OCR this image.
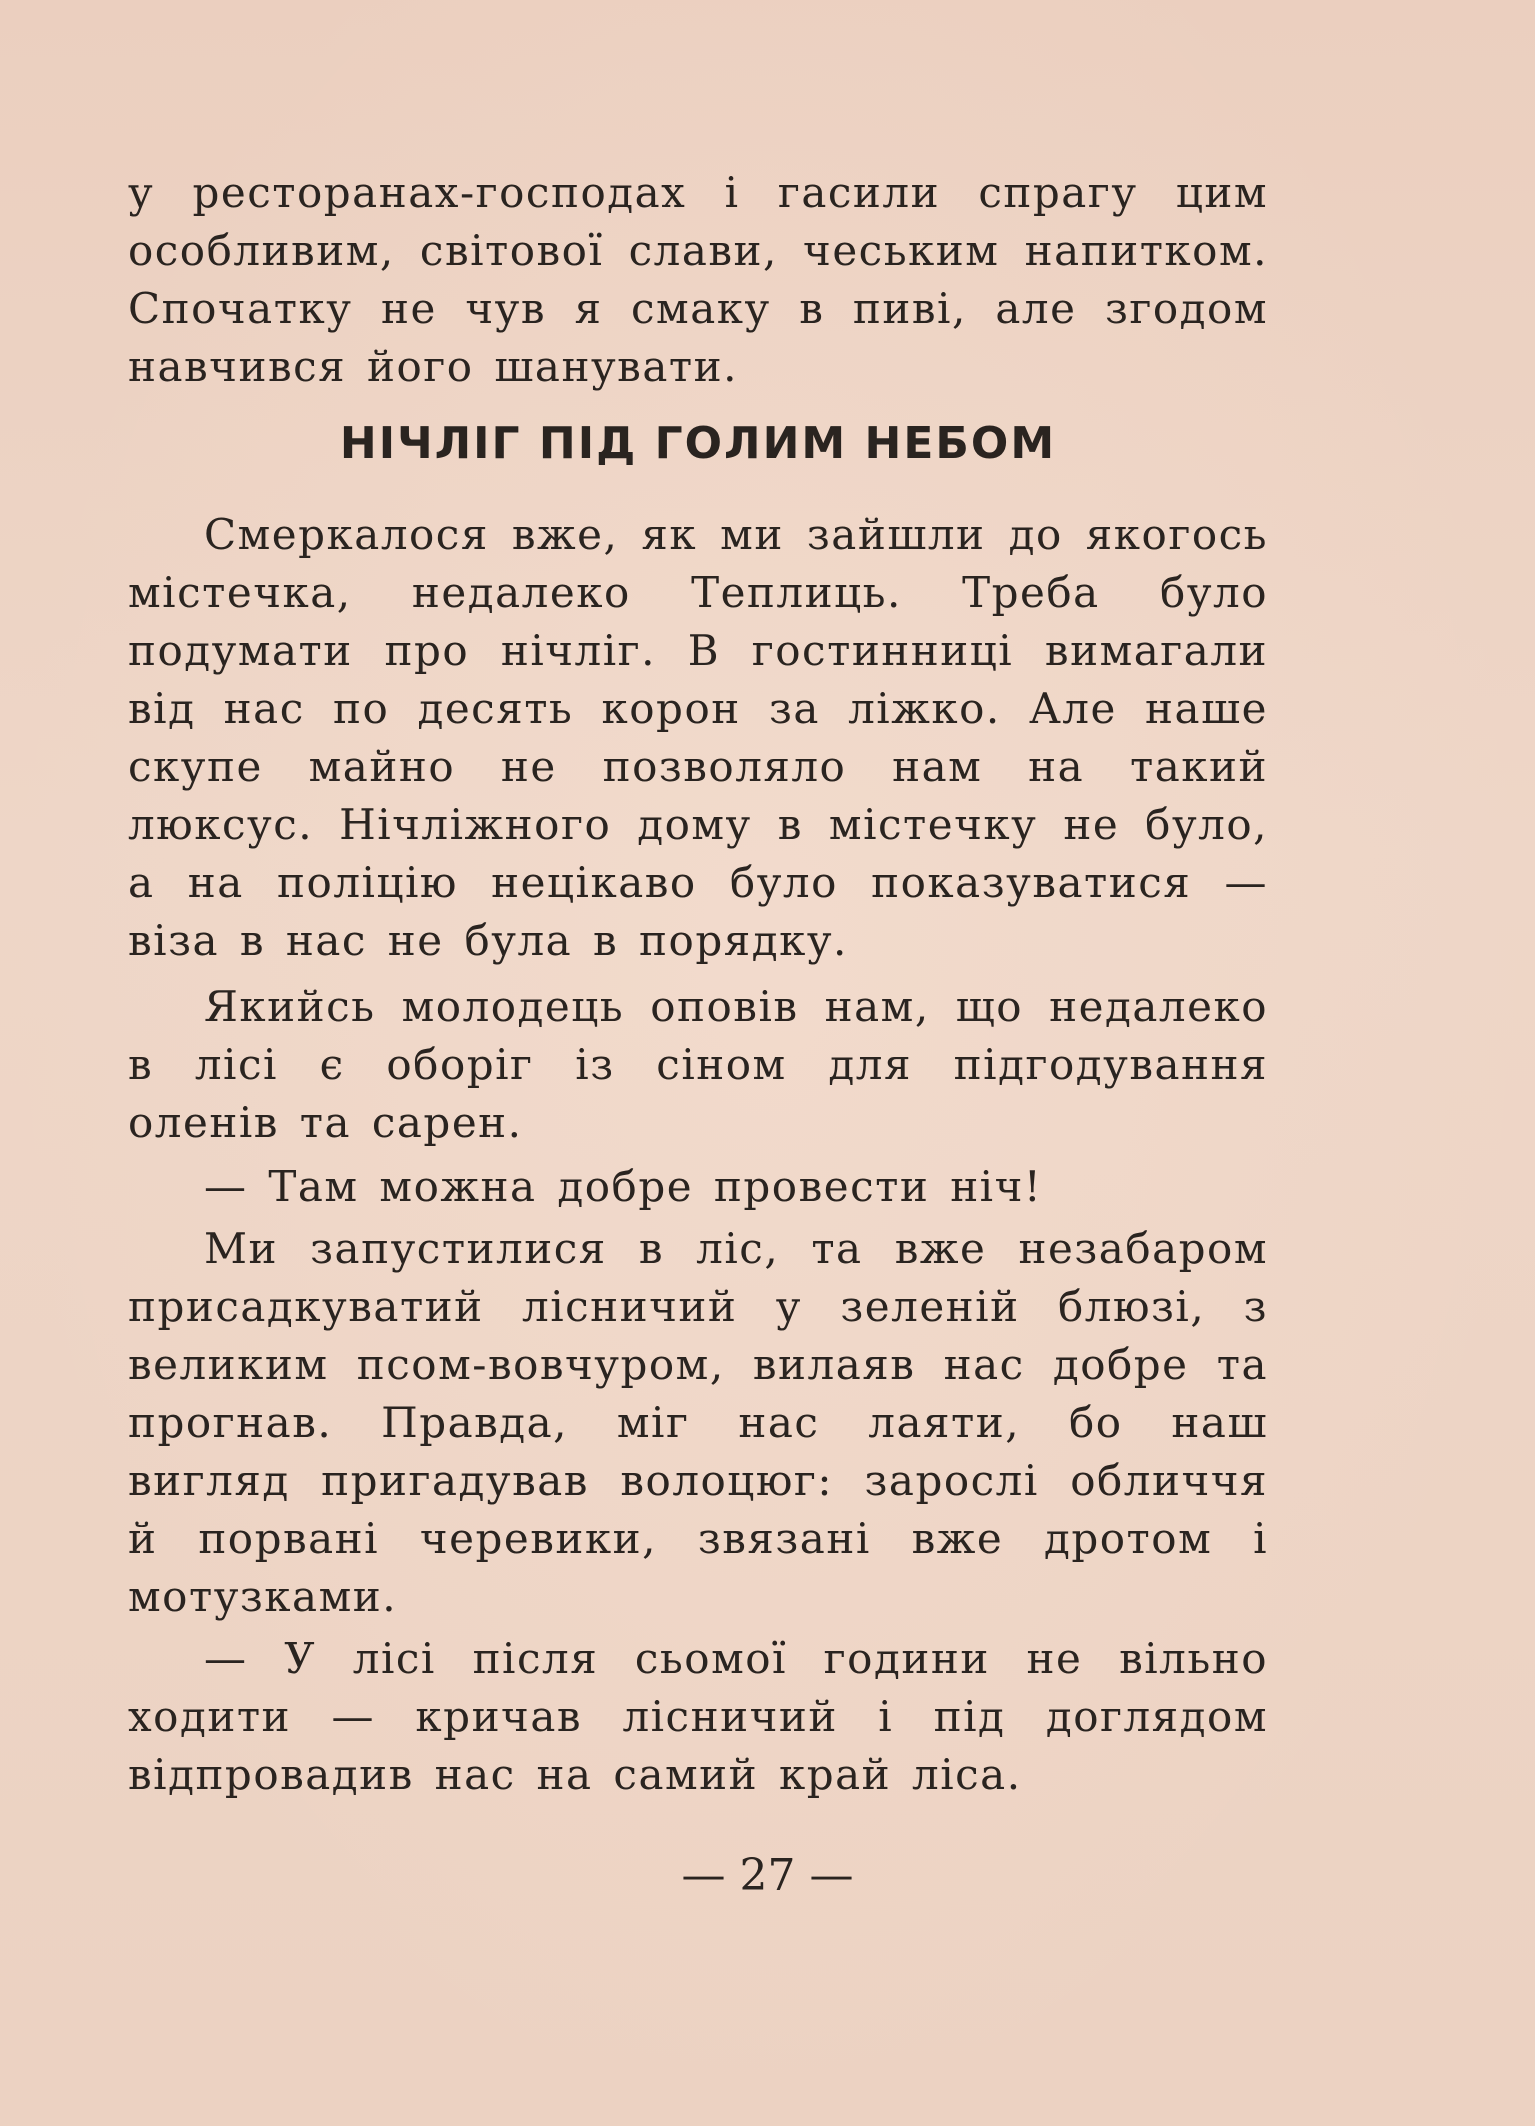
у ресторанах-господах і гасили спрагу цим особливим, світової слави, чеським напитком. Спочатку не чув я смаку в пиві, але згодом навчився його шанувати.

НІЧЛІГ ПІД ГОЛИМ НЕБОМ

Смеркалося вже, як ми зайшли до якогось містечка, недалеко Теплиць. Треба було подумати про нічліг. В гостинниці вимагали від нас по десять корон за ліжко. Але наше скупе майно не позволяло нам на такий люксус. Нічліжного дому в містечку не було, а на поліцію нецікаво було показуватися — віза в нас не була в порядку.

Якийсь молодець оповів нам, що недалеко в лісі є оборіг із сіном для підгодування оленів та сарен.

— Там можна добре провести ніч!

Ми запустилися в ліс, та вже незабаром присадкуватий лісничий у зеленій блюзі, з великим псом-вовчуром, вилаяв нас добре та прогнав. Правда, міг нас лаяти, бо наш вигляд пригадував волоцюг: зарослі обличчя й порвані черевики, звязані вже дротом і мотузками.

— У лісі після сьомої години не вільно ходити — кричав лісничий і під доглядом відпровадив нас на самий край ліса.

— 27 —
